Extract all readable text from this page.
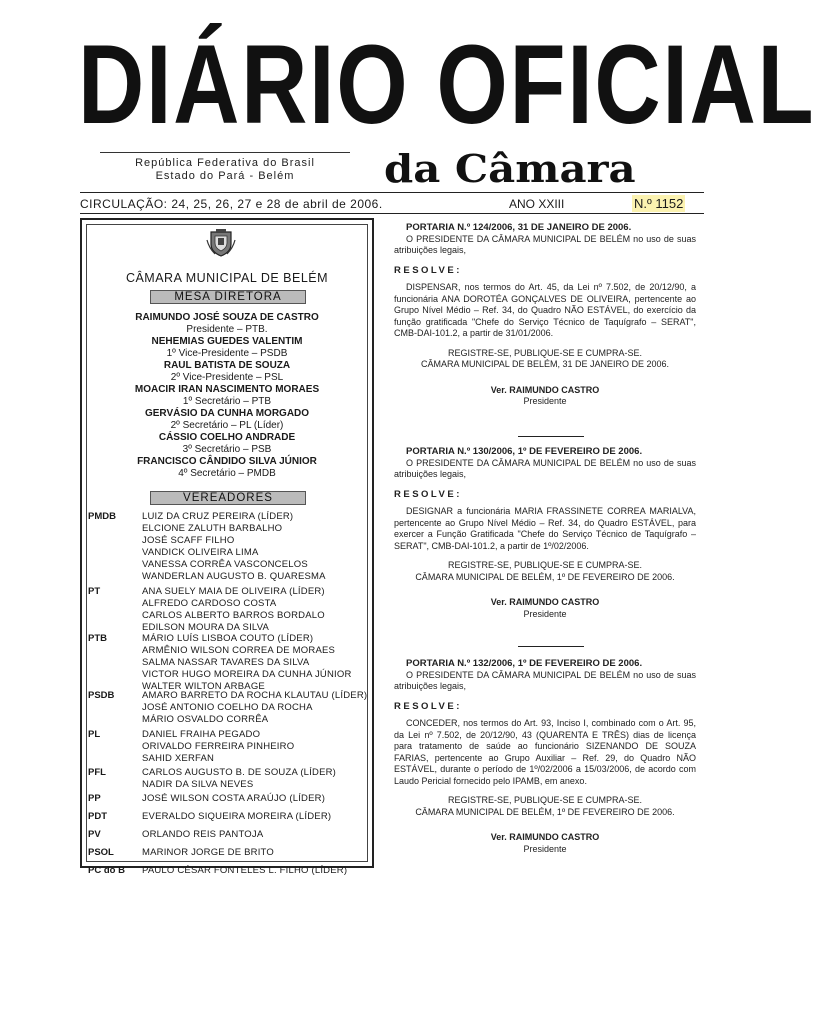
DIÁRIO OFICIAL
República Federativa do Brasil
Estado do Pará - Belém	da Câmara
CIRCULAÇÃO: 24, 25, 26, 27 e 28 de abril de 2006.	ANO XXIII	N.º 1152
CÂMARA MUNICIPAL DE BELÉM
MESA DIRETORA
RAIMUNDO JOSÉ SOUZA DE CASTRO
Presidente – PTB.
NEHEMIAS GUEDES VALENTIM
1º Vice-Presidente – PSDB
RAUL BATISTA DE SOUZA
2º Vice-Presidente – PSL
MOACIR IRAN NASCIMENTO MORAES
1º Secretário – PTB
GERVÁSIO DA CUNHA MORGADO
2º Secretário – PL (Líder)
CÁSSIO COELHO ANDRADE
3º Secretário – PSB
FRANCISCO CÂNDIDO SILVA JÚNIOR
4º Secretário – PMDB
VEREADORES
PMDB	LUIZ DA CRUZ PEREIRA (LÍDER)
ELCIONE ZALUTH BARBALHO
JOSÉ SCAFF FILHO
VANDICK OLIVEIRA LIMA
VANESSA CORRÊA VASCONCELOS
WANDERLAN AUGUSTO B. QUARESMA
PT	ANA SUELY MAIA DE OLIVEIRA (LÍDER)
ALFREDO CARDOSO COSTA
CARLOS ALBERTO BARROS BORDALO
EDILSON MOURA DA SILVA
PTB	MÁRIO LUÍS LISBOA COUTO (LÍDER)
ARMÊNIO WILSON CORREA DE MORAES
SALMA NASSAR TAVARES DA SILVA
VICTOR HUGO MOREIRA DA CUNHA JÚNIOR
WALTER WILTON ARBAGE
PSDB	AMARO BARRETO DA ROCHA KLAUTAU (LÍDER)
JOSÉ ANTONIO COELHO DA ROCHA
MÁRIO OSVALDO CORRÊA
PL	DANIEL FRAIHA PEGADO
ORIVALDO FERREIRA PINHEIRO
SAHID XERFAN
PFL	CARLOS AUGUSTO B. DE SOUZA (LÍDER)
NADIR DA SILVA NEVES
PP	JOSÉ WILSON COSTA ARAÚJO (LÍDER)
PDT	EVERALDO SIQUEIRA MOREIRA (LÍDER)
PV	ORLANDO REIS PANTOJA
PSOL	MARINOR JORGE DE BRITO
PC do B PAULO CÉSAR FONTELES L. FILHO (LÍDER)
PORTARIA N.º 124/2006, 31 DE JANEIRO DE 2006.
O PRESIDENTE DA CÂMARA MUNICIPAL DE BELÉM no uso de suas atribuições legais,
RESOLVE:
DISPENSAR, nos termos do Art. 45, da Lei nº 7.502, de 20/12/90, a funcionária ANA DOROTÉA GONÇALVES DE OLIVEIRA, pertencente ao Grupo Nível Médio – Ref. 34, do Quadro NÃO ESTÁVEL, do exercício da função gratificada "Chefe do Serviço Técnico de Taquígrafo – SERAT", CMB-DAI-101.2, a partir de 31/01/2006.
REGISTRE-SE, PUBLIQUE-SE E CUMPRA-SE.
CÂMARA MUNICIPAL DE BELÉM, 31 DE JANEIRO DE 2006.
Ver. RAIMUNDO CASTRO
Presidente
PORTARIA N.º 130/2006, 1º DE FEVEREIRO DE 2006.
O PRESIDENTE DA CÂMARA MUNICIPAL DE BELÉM no uso de suas atribuições legais,
RESOLVE:
DESIGNAR a funcionária MARIA FRASSINETE CORREA MARIALVA, pertencente ao Grupo Nível Médio – Ref. 34, do Quadro ESTÁVEL, para exercer a Função Gratificada "Chefe do Serviço Técnico de Taquígrafo – SERAT", CMB-DAI-101.2, a partir de 1º/02/2006.
REGISTRE-SE, PUBLIQUE-SE E CUMPRA-SE.
CÂMARA MUNICIPAL DE BELÉM, 1º DE FEVEREIRO DE 2006.
Ver. RAIMUNDO CASTRO
Presidente
PORTARIA N.º 132/2006, 1º DE FEVEREIRO DE 2006.
O PRESIDENTE DA CÂMARA MUNICIPAL DE BELÉM no uso de suas atribuições legais,
RESOLVE:
CONCEDER, nos termos do Art. 93, Inciso I, combinado com o Art. 95, da Lei nº 7.502, de 20/12/90, 43 (QUARENTA E TRÊS) dias de licença para tratamento de saúde ao funcionário SIZENANDO DE SOUZA FARIAS, pertencente ao Grupo Auxiliar – Ref. 29, do Quadro NÃO ESTÁVEL, durante o período de 1º/02/2006 a 15/03/2006, de acordo com Laudo Pericial fornecido pelo IPAMB, em anexo.
REGISTRE-SE, PUBLIQUE-SE E CUMPRA-SE.
CÂMARA MUNICIPAL DE BELÉM, 1º DE FEVEREIRO DE 2006.
Ver. RAIMUNDO CASTRO
Presidente
